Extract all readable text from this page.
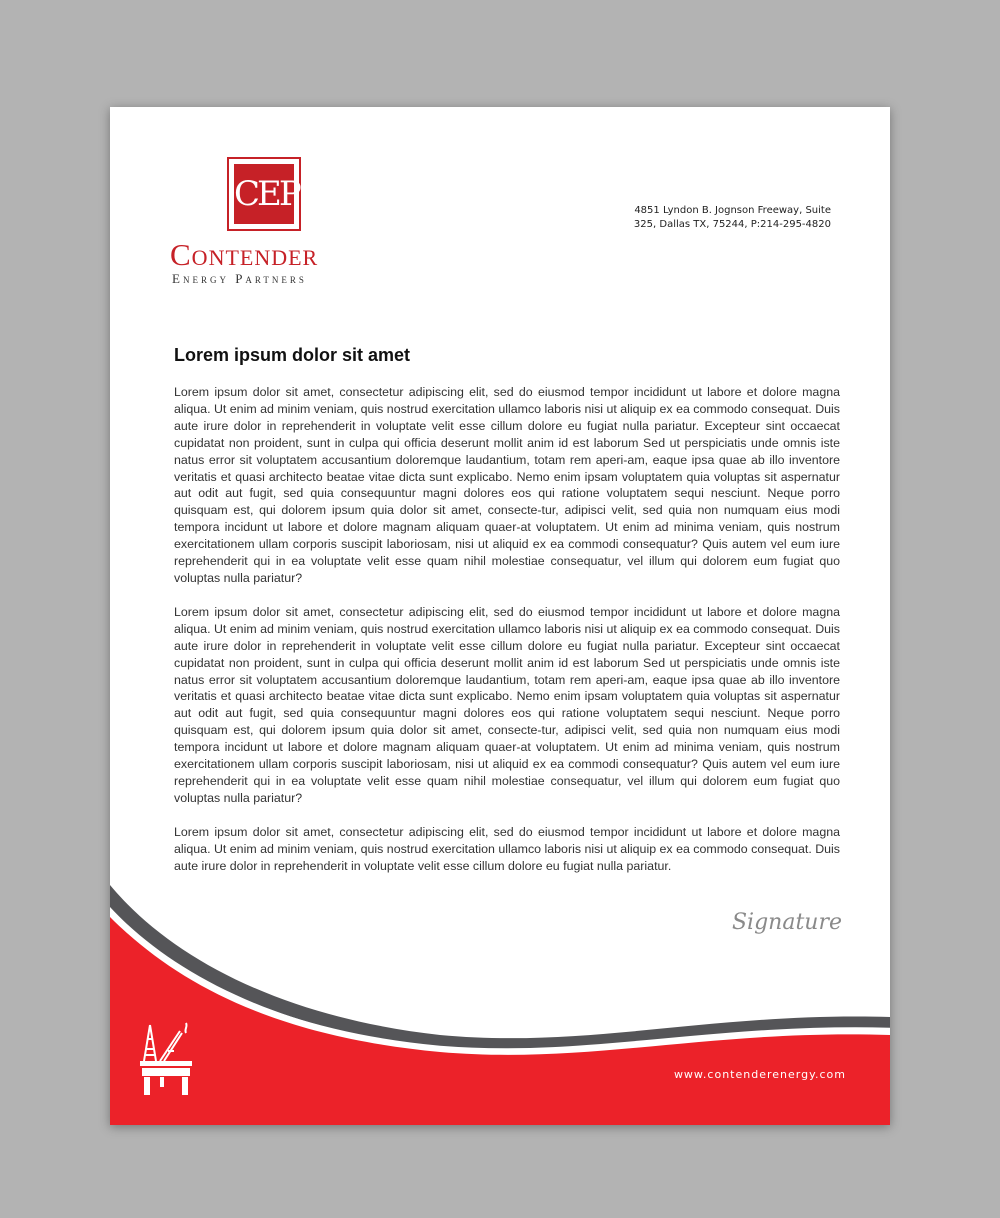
CEP
Contender
Energy Partners
4851 Lyndon B. Jognson Freeway, Suite
325, Dallas TX, 75244, P:214-295-4820
Lorem ipsum dolor sit amet

Lorem ipsum dolor sit amet, consectetur adipiscing elit, sed do eiusmod tempor incididunt ut labore et dolore magna aliqua. Ut enim ad minim veniam, quis nostrud exercitation ullamco laboris nisi ut aliquip ex ea commodo consequat. Duis aute irure dolor in reprehenderit in voluptate velit esse cillum dolore eu fugiat nulla pariatur. Excepteur sint occaecat cupidatat non proident, sunt in culpa qui officia deserunt mollit anim id est laborum Sed ut perspiciatis unde omnis iste natus error sit voluptatem accusantium doloremque laudantium, totam rem aperi-am, eaque ipsa quae ab illo inventore veritatis et quasi architecto beatae vitae dicta sunt explicabo. Nemo enim ipsam voluptatem quia voluptas sit aspernatur aut odit aut fugit, sed quia consequuntur magni dolores eos qui ratione voluptatem sequi nesciunt. Neque porro quisquam est, qui dolorem ipsum quia dolor sit amet, consecte-tur, adipisci velit, sed quia non numquam eius modi tempora incidunt ut labore et dolore magnam aliquam quaer-at voluptatem. Ut enim ad minima veniam, quis nostrum exercitationem ullam corporis suscipit laboriosam, nisi ut aliquid ex ea commodi consequatur? Quis autem vel eum iure reprehenderit qui in ea voluptate velit esse quam nihil molestiae consequatur, vel illum qui dolorem eum fugiat quo voluptas nulla pariatur?

Lorem ipsum dolor sit amet, consectetur adipiscing elit, sed do eiusmod tempor incididunt ut labore et dolore magna aliqua. Ut enim ad minim veniam, quis nostrud exercitation ullamco laboris nisi ut aliquip ex ea commodo consequat. Duis aute irure dolor in reprehenderit in voluptate velit esse cillum dolore eu fugiat nulla pariatur. Excepteur sint occaecat cupidatat non proident, sunt in culpa qui officia deserunt mollit anim id est laborum Sed ut perspiciatis unde omnis iste natus error sit voluptatem accusantium doloremque laudantium, totam rem aperi-am, eaque ipsa quae ab illo inventore veritatis et quasi architecto beatae vitae dicta sunt explicabo. Nemo enim ipsam voluptatem quia voluptas sit aspernatur aut odit aut fugit, sed quia consequuntur magni dolores eos qui ratione voluptatem sequi nesciunt. Neque porro quisquam est, qui dolorem ipsum quia dolor sit amet, consecte-tur, adipisci velit, sed quia non numquam eius modi tempora incidunt ut labore et dolore magnam aliquam quaer-at voluptatem. Ut enim ad minima veniam, quis nostrum exercitationem ullam corporis suscipit laboriosam, nisi ut aliquid ex ea commodi consequatur? Quis autem vel eum iure reprehenderit qui in ea voluptate velit esse quam nihil molestiae consequatur, vel illum qui dolorem eum fugiat quo voluptas nulla pariatur?

Lorem ipsum dolor sit amet, consectetur adipiscing elit, sed do eiusmod tempor incididunt ut labore et dolore magna aliqua. Ut enim ad minim veniam, quis nostrud exercitation ullamco laboris nisi ut aliquip ex ea commodo consequat. Duis aute irure dolor in reprehenderit in voluptate velit esse cillum dolore eu fugiat nulla pariatur.

Signature
www.contenderenergy.com
